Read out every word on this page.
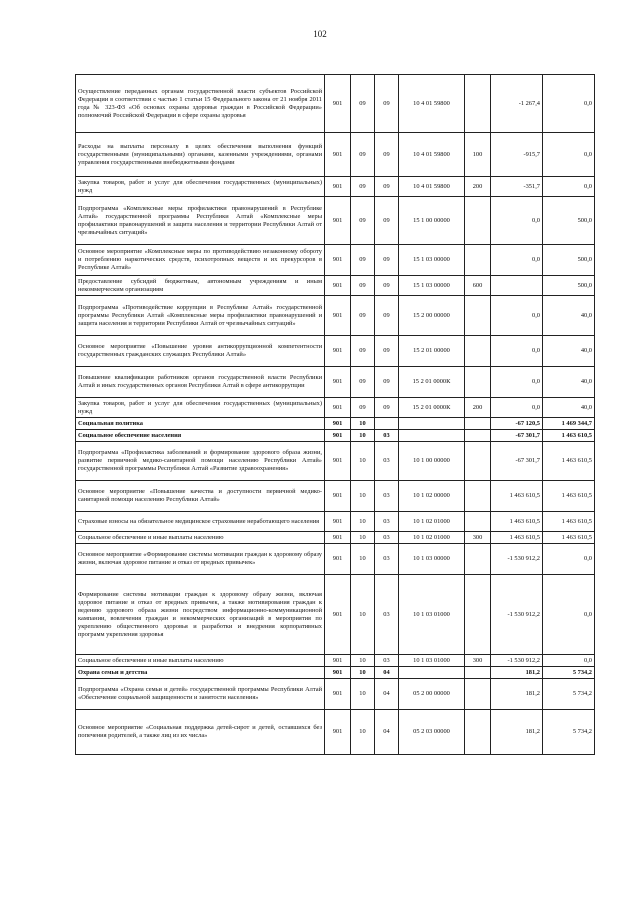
102
Осуществление переданных органам государственной власти субъектов Российской Федерации в соответствии с частью 1 статьи 15 Федерального закона от 21 ноября 2011 года № 323-ФЗ «Об основах охраны здоровья граждан в Российской Федерации» полномочий Российской Федерации в сфере охраны здоровья	901	09	09	10 4 01 59800		-1 267,4	0,0
Расходы на выплаты персоналу в целях обеспечения выполнения функций государственными (муниципальными) органами, казенными учреждениями, органами управления государственными внебюджетными фондами	901	09	09	10 4 01 59800	100	-915,7	0,0
Закупка товаров, работ и услуг для обеспечения государственных (муниципальных) нужд	901	09	09	10 4 01 59800	200	-351,7	0,0
Подпрограмма «Комплексные меры профилактики правонарушений в Республике Алтай» государственной программы Республики Алтай «Комплексные меры профилактики правонарушений и защита населения и территории Республики Алтай от чрезвычайных ситуаций»	901	09	09	15 1 00 00000		0,0	500,0
Основное мероприятие «Комплексные меры по противодействию незаконному обороту и потреблению наркотических средств, психотропных веществ и их прекурсоров в Республике Алтай»	901	09	09	15 1 03 00000		0,0	500,0
Предоставление субсидий бюджетным, автономным учреждениям и иным некоммерческим организациям	901	09	09	15 1 03 00000	600		500,0
Подпрограмма «Противодействие коррупции в Республике Алтай» государственной программы Республики Алтай «Комплексные меры профилактики правонарушений и защита населения и территории Республики Алтай от чрезвычайных ситуаций»	901	09	09	15 2 00 00000		0,0	40,0
Основное мероприятие «Повышение уровня антикоррупционной компетентности государственных гражданских служащих Республики Алтай»	901	09	09	15 2 01 00000		0,0	40,0
Повышение квалификации работников органов государственной власти Республики Алтай и иных государственных органов Республики Алтай в сфере антикоррупции	901	09	09	15 2 01 0000К		0,0	40,0
Закупка товаров, работ и услуг для обеспечения государственных (муниципальных) нужд	901	09	09	15 2 01 0000К	200	0,0	40,0
Социальная политика	901	10				-67 120,5	1 469 344,7
Социальное обеспечение населения	901	10	03			-67 301,7	1 463 610,5
Подпрограмма «Профилактика заболеваний и формирование здорового образа жизни, развитие первичной медико-санитарной помощи населению Республики Алтай» государственной программы Республики Алтай «Развитие здравоохранения»	901	10	03	10 1 00 00000		-67 301,7	1 463 610,5
Основное мероприятие «Повышение качества и доступности первичной медико-санитарной помощи населению Республики Алтай»	901	10	03	10 1 02 00000		1 463 610,5	1 463 610,5
Страховые взносы на обязательное медицинское страхование неработающего населения	901	10	03	10 1 02 01000		1 463 610,5	1 463 610,5
Социальное обеспечение и иные выплаты населению	901	10	03	10 1 02 01000	300	1 463 610,5	1 463 610,5
Основное мероприятие «Формирование системы мотивации граждан к здоровому образу жизни, включая здоровое питание и отказ от вредных привычек»	901	10	03	10 1 03 00000		-1 530 912,2	0,0
Формирование системы мотивации граждан к здоровому образу жизни, включая здоровое питание и отказ от вредных привычек, а также мотивирования граждан к ведению здорового образа жизни посредством информационно-коммуникационной кампании, вовлечения граждан и некоммерческих организаций в мероприятия по укреплению общественного здоровья и разработки и внедрения корпоративных программ укрепления здоровья	901	10	03	10 1 03 01000		-1 530 912,2	0,0
Социальное обеспечение и иные выплаты населению	901	10	03	10 1 03 01000	300	-1 530 912,2	0,0
Охрана семьи и детства	901	10	04			181,2	5 734,2
Подпрограмма «Охрана семьи и детей» государственной программы Республики Алтай «Обеспечение социальной защищенности и занятости населения»	901	10	04	05 2 00 00000		181,2	5 734,2
Основное мероприятие «Социальная поддержка детей-сирот и детей, оставшихся без попечения родителей, а также лиц из их числа»	901	10	04	05 2 03 00000		181,2	5 734,2
